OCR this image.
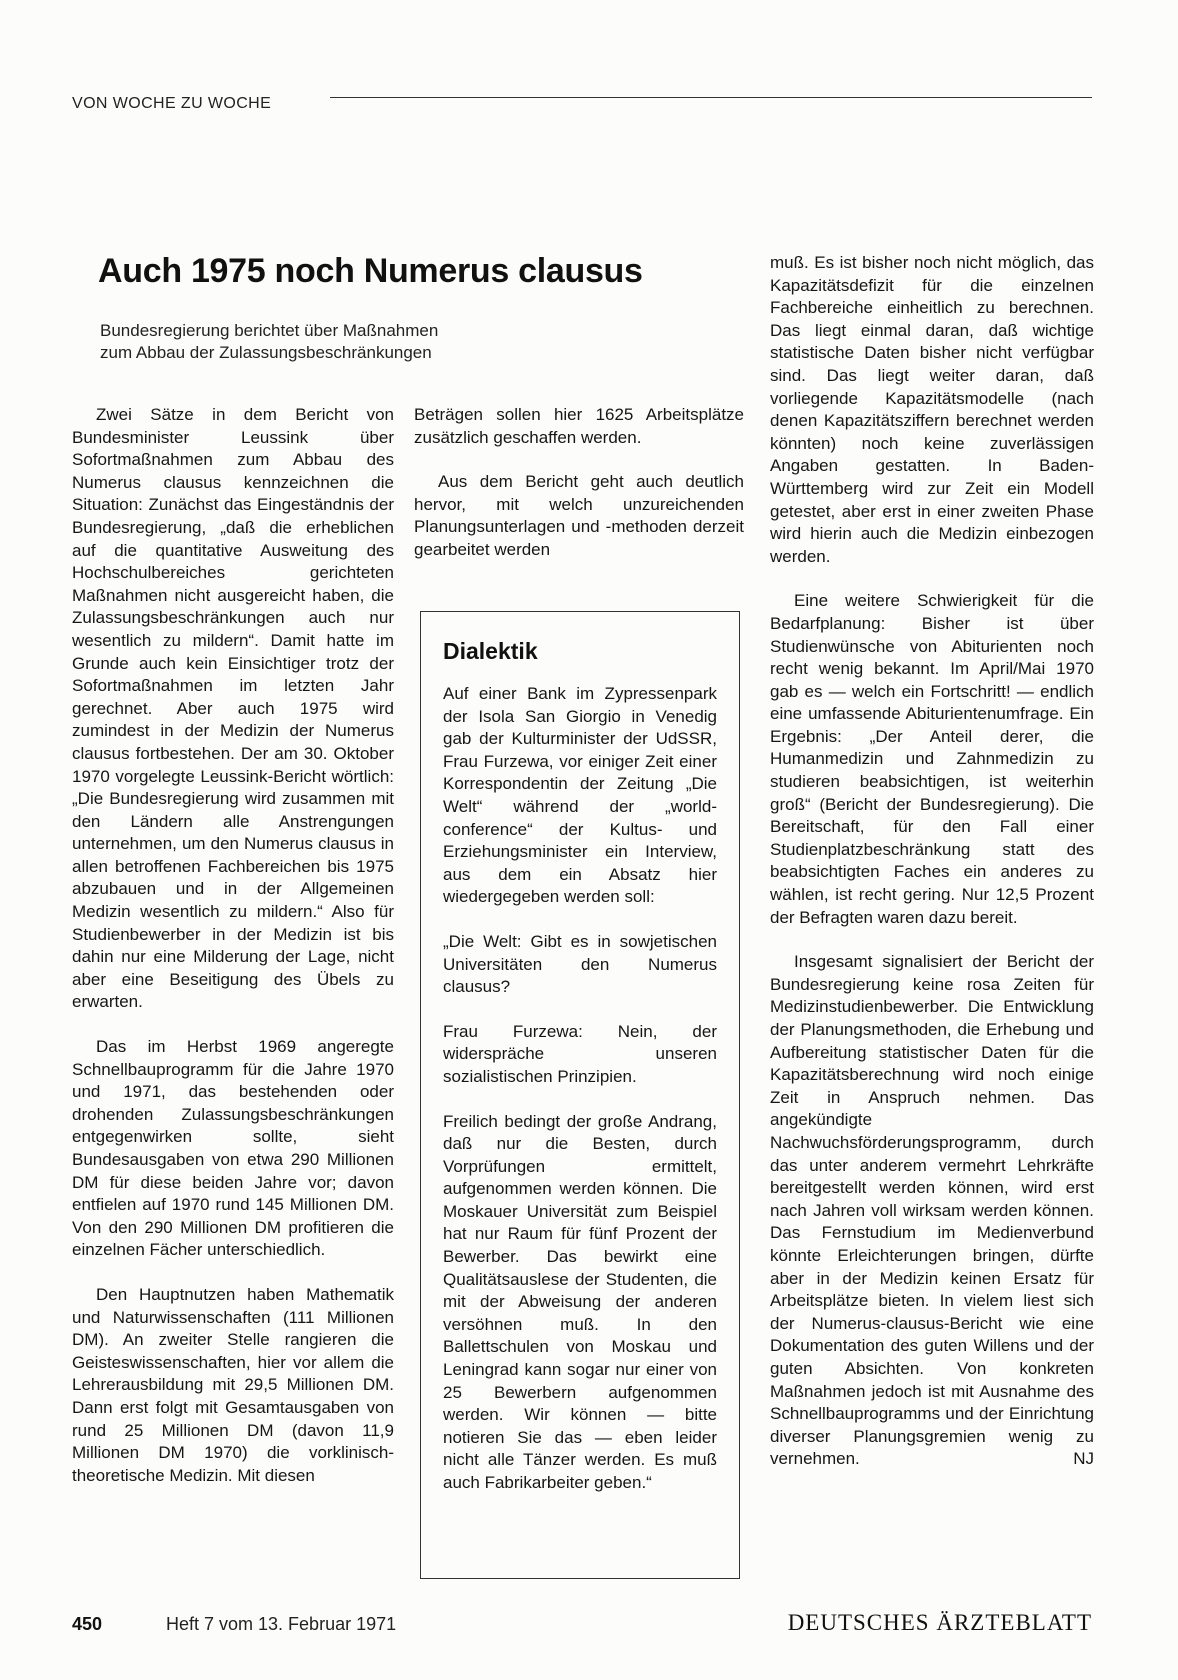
VON WOCHE ZU WOCHE
Auch 1975 noch Numerus clausus
Bundesregierung berichtet über Maßnahmen
zum Abbau der Zulassungsbeschränkungen

Zwei Sätze in dem Bericht von Bundesminister Leussink über Sofortmaßnahmen zum Abbau des Numerus clausus kennzeichnen die Situation: Zunächst das Eingeständnis der Bundesregierung, „daß die erheblichen auf die quantitative Ausweitung des Hochschulbereiches gerichteten Maßnahmen nicht ausgereicht haben, die Zulassungsbeschränkungen auch nur wesentlich zu mildern“. Damit hatte im Grunde auch kein Einsichtiger trotz der Sofortmaßnahmen im letzten Jahr gerechnet. Aber auch 1975 wird zumindest in der Medizin der Numerus clausus fortbestehen. Der am 30. Oktober 1970 vorgelegte Leussink-Bericht wörtlich: „Die Bundesregierung wird zusammen mit den Ländern alle Anstrengungen unternehmen, um den Numerus clausus in allen betroffenen Fachbereichen bis 1975 abzubauen und in der Allgemeinen Medizin wesentlich zu mildern.“ Also für Studienbewerber in der Medizin ist bis dahin nur eine Milderung der Lage, nicht aber eine Beseitigung des Übels zu erwarten.

Das im Herbst 1969 angeregte Schnellbauprogramm für die Jahre 1970 und 1971, das bestehenden oder drohenden Zulassungsbeschränkungen entgegenwirken sollte, sieht Bundesausgaben von etwa 290 Millionen DM für diese beiden Jahre vor; davon entfielen auf 1970 rund 145 Millionen DM. Von den 290 Millionen DM profitieren die einzelnen Fächer unterschiedlich.

Den Hauptnutzen haben Mathematik und Naturwissenschaften (111 Millionen DM). An zweiter Stelle rangieren die Geisteswissenschaften, hier vor allem die Lehrerausbildung mit 29,5 Millionen DM. Dann erst folgt mit Gesamtausgaben von rund 25 Millionen DM (davon 11,9 Millionen DM 1970) die vorklinisch-theoretische Medizin. Mit diesen

Beträgen sollen hier 1625 Arbeitsplätze zusätzlich geschaffen werden.

Aus dem Bericht geht auch deutlich hervor, mit welch unzureichenden Planungsunterlagen und -methoden derzeit gearbeitet werden

Dialektik

Auf einer Bank im Zypressenpark der Isola San Giorgio in Venedig gab der Kulturminister der UdSSR, Frau Furzewa, vor einiger Zeit einer Korrespondentin der Zeitung „Die Welt“ während der „world-conference“ der Kultus- und Erziehungsminister ein Interview, aus dem ein Absatz hier wiedergegeben werden soll:

„Die Welt: Gibt es in sowjetischen Universitäten den Numerus clausus?

Frau Furzewa: Nein, der widerspräche unseren sozialistischen Prinzipien.

Freilich bedingt der große Andrang, daß nur die Besten, durch Vorprüfungen ermittelt, aufgenommen werden können. Die Moskauer Universität zum Beispiel hat nur Raum für fünf Prozent der Bewerber. Das bewirkt eine Qualitätsauslese der Studenten, die mit der Abweisung der anderen versöhnen muß. In den Ballettschulen von Moskau und Leningrad kann sogar nur einer von 25 Bewerbern aufgenommen werden. Wir können — bitte notieren Sie das — eben leider nicht alle Tänzer werden. Es muß auch Fabrikarbeiter geben.“

muß. Es ist bisher noch nicht möglich, das Kapazitätsdefizit für die einzelnen Fachbereiche einheitlich zu berechnen. Das liegt einmal daran, daß wichtige statistische Daten bisher nicht verfügbar sind. Das liegt weiter daran, daß vorliegende Kapazitätsmodelle (nach denen Kapazitätsziffern berechnet werden könnten) noch keine zuverlässigen Angaben gestatten. In Baden-Württemberg wird zur Zeit ein Modell getestet, aber erst in einer zweiten Phase wird hierin auch die Medizin einbezogen werden.

Eine weitere Schwierigkeit für die Bedarfplanung: Bisher ist über Studienwünsche von Abiturienten noch recht wenig bekannt. Im April/Mai 1970 gab es — welch ein Fortschritt! — endlich eine umfassende Abiturientenumfrage. Ein Ergebnis: „Der Anteil derer, die Humanmedizin und Zahnmedizin zu studieren beabsichtigen, ist weiterhin groß“ (Bericht der Bundesregierung). Die Bereitschaft, für den Fall einer Studienplatzbeschränkung statt des beabsichtigten Faches ein anderes zu wählen, ist recht gering. Nur 12,5 Prozent der Befragten waren dazu bereit.

Insgesamt signalisiert der Bericht der Bundesregierung keine rosa Zeiten für Medizinstudienbewerber. Die Entwicklung der Planungsmethoden, die Erhebung und Aufbereitung statistischer Daten für die Kapazitätsberechnung wird noch einige Zeit in Anspruch nehmen. Das angekündigte Nachwuchsförderungsprogramm, durch das unter anderem vermehrt Lehrkräfte bereitgestellt werden können, wird erst nach Jahren voll wirksam werden können. Das Fernstudium im Medienverbund könnte Erleichterungen bringen, dürfte aber in der Medizin keinen Ersatz für Arbeitsplätze bieten. In vielem liest sich der Numerus-clausus-Bericht wie eine Dokumentation des guten Willens und der guten Absichten. Von konkreten Maßnahmen jedoch ist mit Ausnahme des Schnellbauprogramms und der Einrichtung diverser Planungsgremien wenig zu vernehmen.	NJ

450	Heft 7 vom 13. Februar 1971	DEUTSCHES ÄRZTEBLATT
